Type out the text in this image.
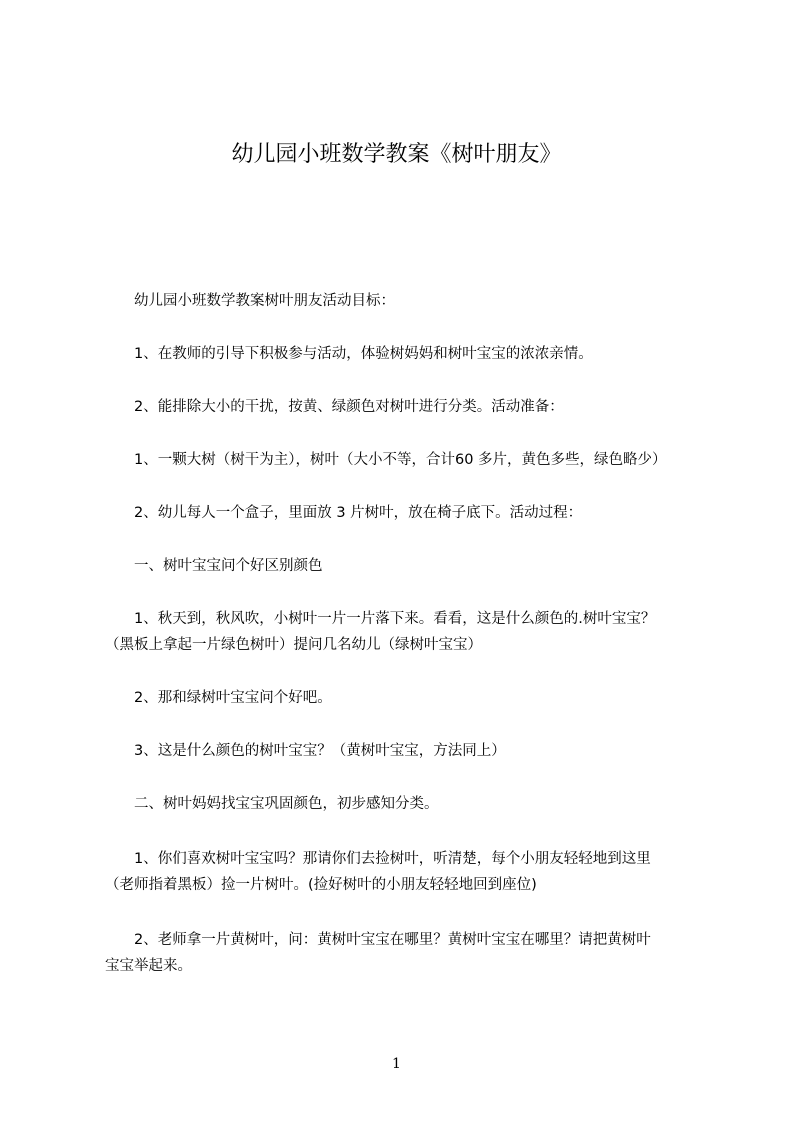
幼儿园小班数学教案《树叶朋友》

　　幼儿园小班数学教案树叶朋友活动目标：

　　1、在教师的引导下积极参与活动，体验树妈妈和树叶宝宝的浓浓亲情。

　　2、能排除大小的干扰，按黄、绿颜色对树叶进行分类。活动准备：

　　1、一颗大树（树干为主），树叶（大小不等，合计60 多片，黄色多些，绿色略少）

　　2、幼儿每人一个盒子，里面放 3 片树叶，放在椅子底下。活动过程：

　　一、树叶宝宝问个好区别颜色

　　1、秋天到，秋风吹，小树叶一片一片落下来。看看，这是什么颜色的.树叶宝宝？
（黑板上拿起一片绿色树叶）提问几名幼儿（绿树叶宝宝）

　　2、那和绿树叶宝宝问个好吧。

　　3、这是什么颜色的树叶宝宝？（黄树叶宝宝，方法同上）

　　二、树叶妈妈找宝宝巩固颜色，初步感知分类。

　　1、你们喜欢树叶宝宝吗？那请你们去捡树叶，听清楚，每个小朋友轻轻地到这里
（老师指着黑板）捡一片树叶。(捡好树叶的小朋友轻轻地回到座位)

　　2、老师拿一片黄树叶，问：黄树叶宝宝在哪里？黄树叶宝宝在哪里？请把黄树叶
宝宝举起来。

1
